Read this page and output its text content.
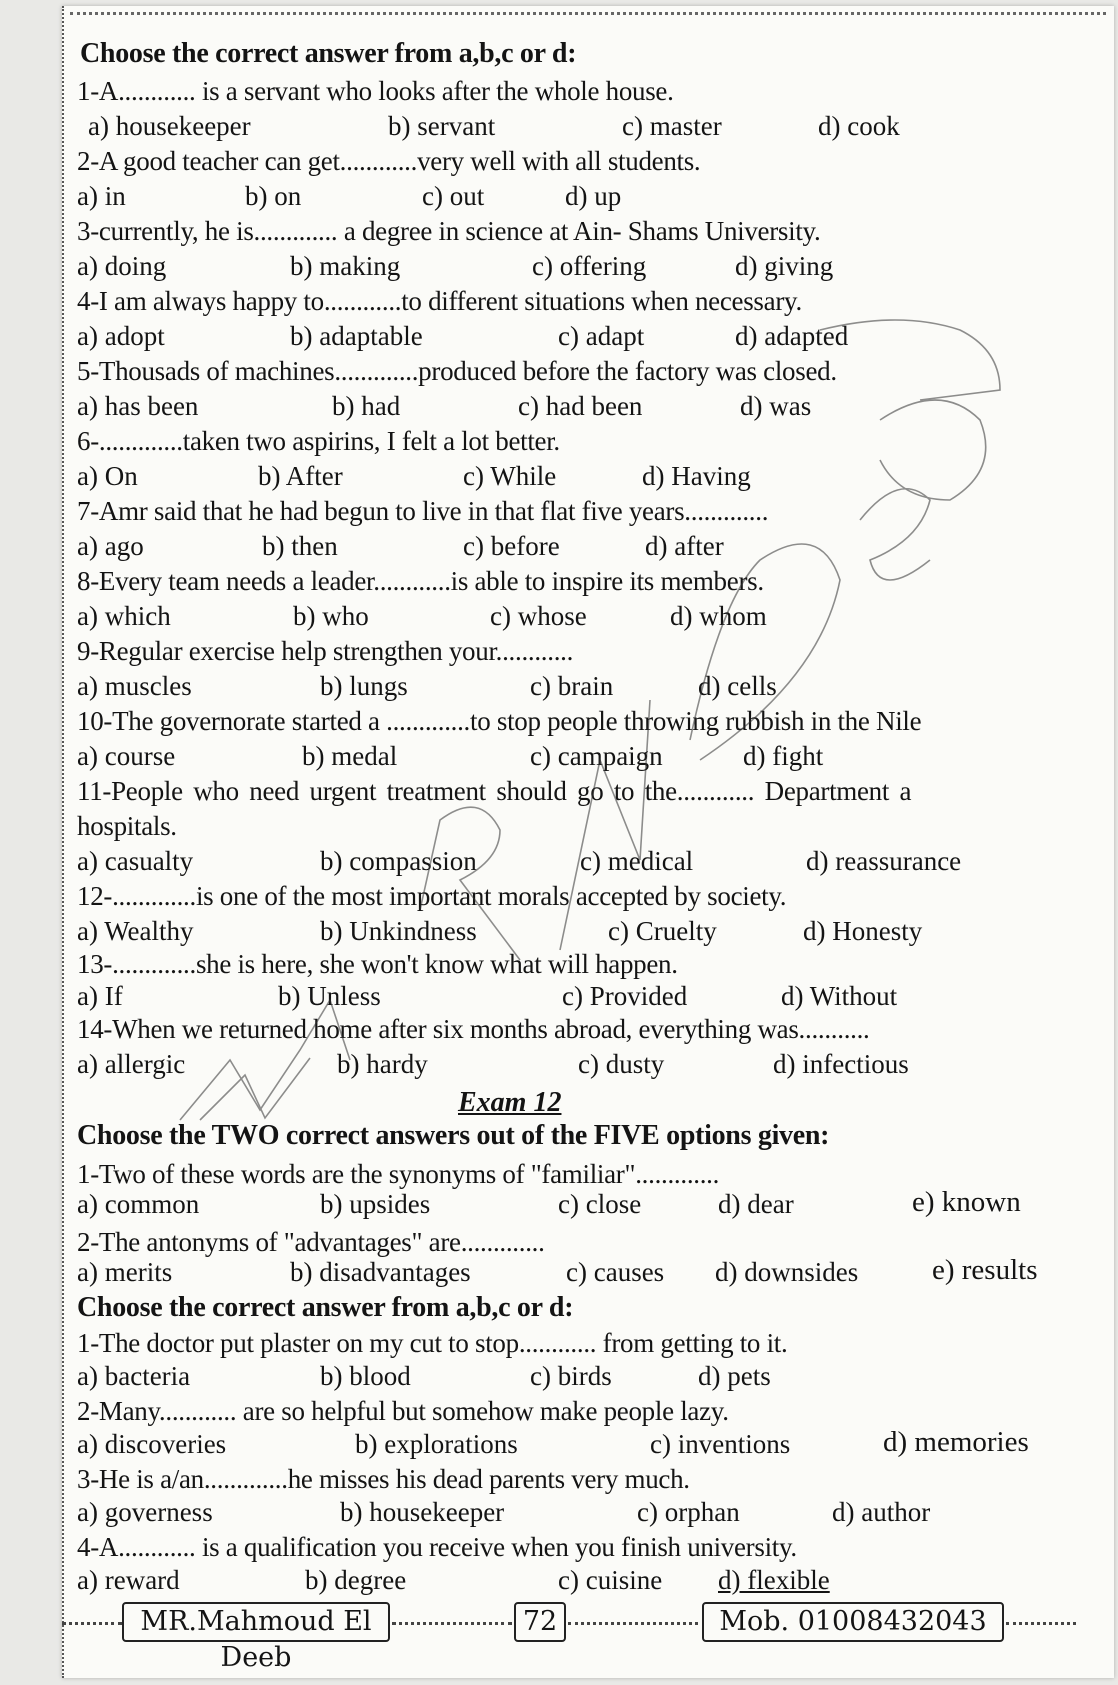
Choose the correct answer from a,b,c or d:
1-A............ is a servant who looks after the whole house.
a) housekeeper	b) servant	c) master	d) cook
2-A good teacher can get............very well with all students.
a) in	b) on	c) out	d) up
3-currently, he is............. a degree in science at Ain- Shams University.
a) doing	b) making	c) offering	d) giving
4-I am always happy to............to different situations when necessary.
a) adopt	b) adaptable	c) adapt	d) adapted
5-Thousads of machines.............produced before the factory was closed.
a) has been	b) had	c) had been	d) was
6-.............taken two aspirins, I felt a lot better.
a) On	b) After	c) While	d) Having
7-Amr said that he had begun to live in that flat five years.............
a) ago	b) then	c) before	d) after
8-Every team needs a leader............is able to inspire its members.
a) which	b) who	c) whose	d) whom
9-Regular exercise help strengthen your............
a) muscles	b) lungs	c) brain	d) cells
10-The governorate started a .............to stop people throwing rubbish in the Nile
a) course	b) medal	c) campaign	d) fight
11-People who need urgent treatment should go to the............ Department a
hospitals.
a) casualty	b) compassion	c) medical	d) reassurance
12-.............is one of the most important morals accepted by society.
a) Wealthy	b) Unkindness	c) Cruelty	d) Honesty
13-.............she is here, she won't know what will happen.
a) If	b) Unless	c) Provided	d) Without
14-When we returned home after six months abroad, everything was...........
a) allergic	b) hardy	c) dusty	d) infectious
Exam 12
Choose the TWO correct answers out of the FIVE options given:
1-Two of these words are the synonyms of "familiar".............
a) common	b) upsides	c) close	d) dear	e) known
2-The antonyms of "advantages" are.............
a) merits	b) disadvantages	c) causes d) downsides	e) results
Choose the correct answer from a,b,c or d:
1-The doctor put plaster on my cut to stop............ from getting to it.
a) bacteria	b) blood	c) birds	d) pets
2-Many............ are so helpful but somehow make people lazy.
a) discoveries	b) explorations	c) inventions	d) memories
3-He is a/an.............he misses his dead parents very much.
a) governess	b) housekeeper	c) orphan	d) author
4-A............ is a qualification you receive when you finish university.
a) reward	b) degree	c) cuisine d) flexible
MR.Mahmoud El Deeb
72	Mob. 01008432043
